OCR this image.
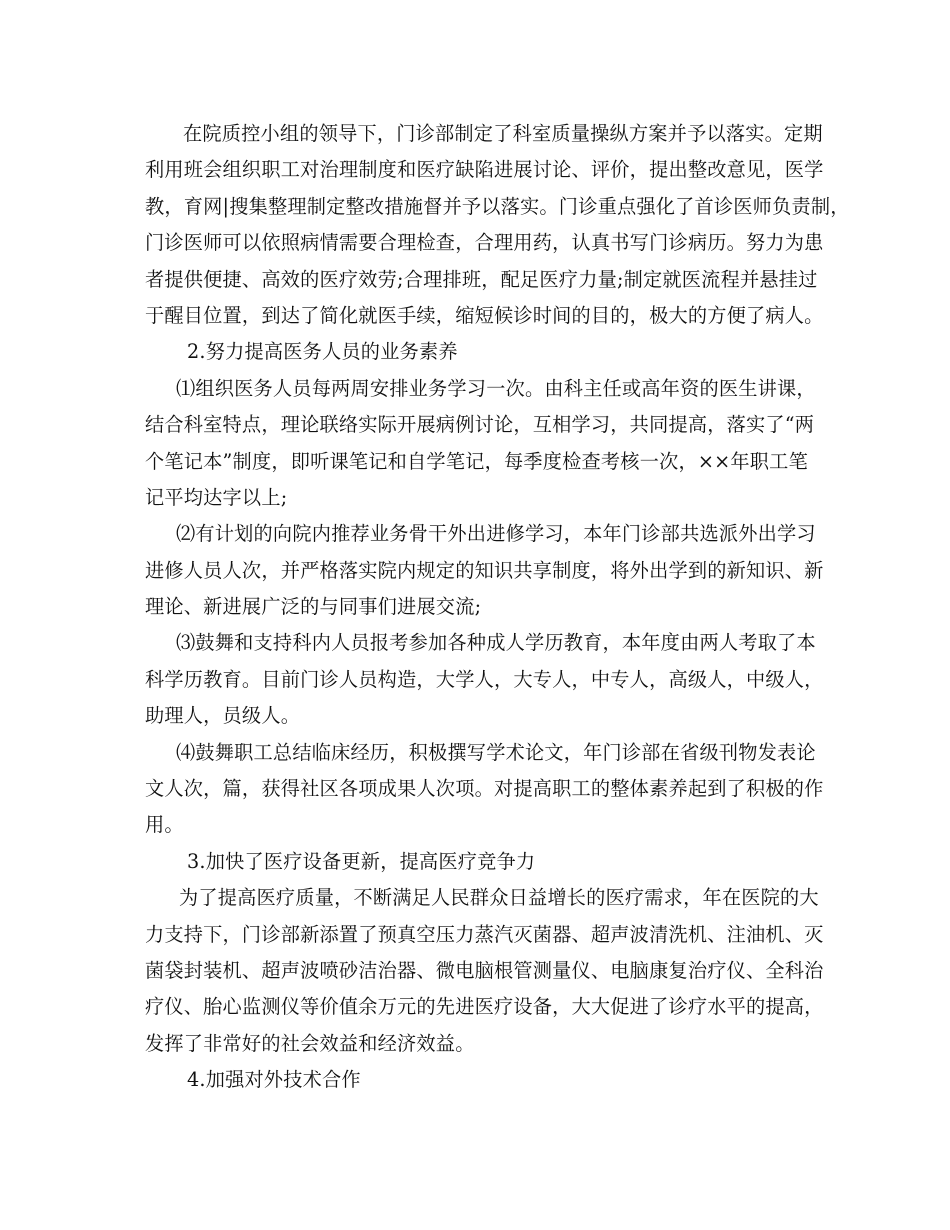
在院质控小组的领导下，门诊部制定了科室质量操纵方案并予以落实。定期
利用班会组织职工对治理制度和医疗缺陷进展讨论、评价，提出整改意见，医学
教，育网|搜集整理制定整改措施督并予以落实。门诊重点强化了首诊医师负责制，
门诊医师可以依照病情需要合理检查，合理用药，认真书写门诊病历。努力为患
者提供便捷、高效的医疗效劳;合理排班，配足医疗力量;制定就医流程并悬挂过
于醒目位置，到达了简化就医手续，缩短候诊时间的目的，极大的方便了病人。
2.努力提高医务人员的业务素养
⑴组织医务人员每两周安排业务学习一次。由科主任或高年资的医生讲课，
结合科室特点，理论联络实际开展病例讨论，互相学习，共同提高，落实了“两
个笔记本”制度，即听课笔记和自学笔记，每季度检查考核一次，××年职工笔
记平均达字以上;
⑵有计划的向院内推荐业务骨干外出进修学习，本年门诊部共选派外出学习
进修人员人次，并严格落实院内规定的知识共享制度，将外出学到的新知识、新
理论、新进展广泛的与同事们进展交流;
⑶鼓舞和支持科内人员报考参加各种成人学历教育，本年度由两人考取了本
科学历教育。目前门诊人员构造，大学人，大专人，中专人，高级人，中级人，
助理人，员级人。
⑷鼓舞职工总结临床经历，积极撰写学术论文，年门诊部在省级刊物发表论
文人次，篇，获得社区各项成果人次项。对提高职工的整体素养起到了积极的作
用。
3.加快了医疗设备更新，提高医疗竞争力
为了提高医疗质量，不断满足人民群众日益增长的医疗需求，年在医院的大
力支持下，门诊部新添置了预真空压力蒸汽灭菌器、超声波清洗机、注油机、灭
菌袋封装机、超声波喷砂洁治器、微电脑根管测量仪、电脑康复治疗仪、全科治
疗仪、胎心监测仪等价值余万元的先进医疗设备，大大促进了诊疗水平的提高，
发挥了非常好的社会效益和经济效益。
4.加强对外技术合作
